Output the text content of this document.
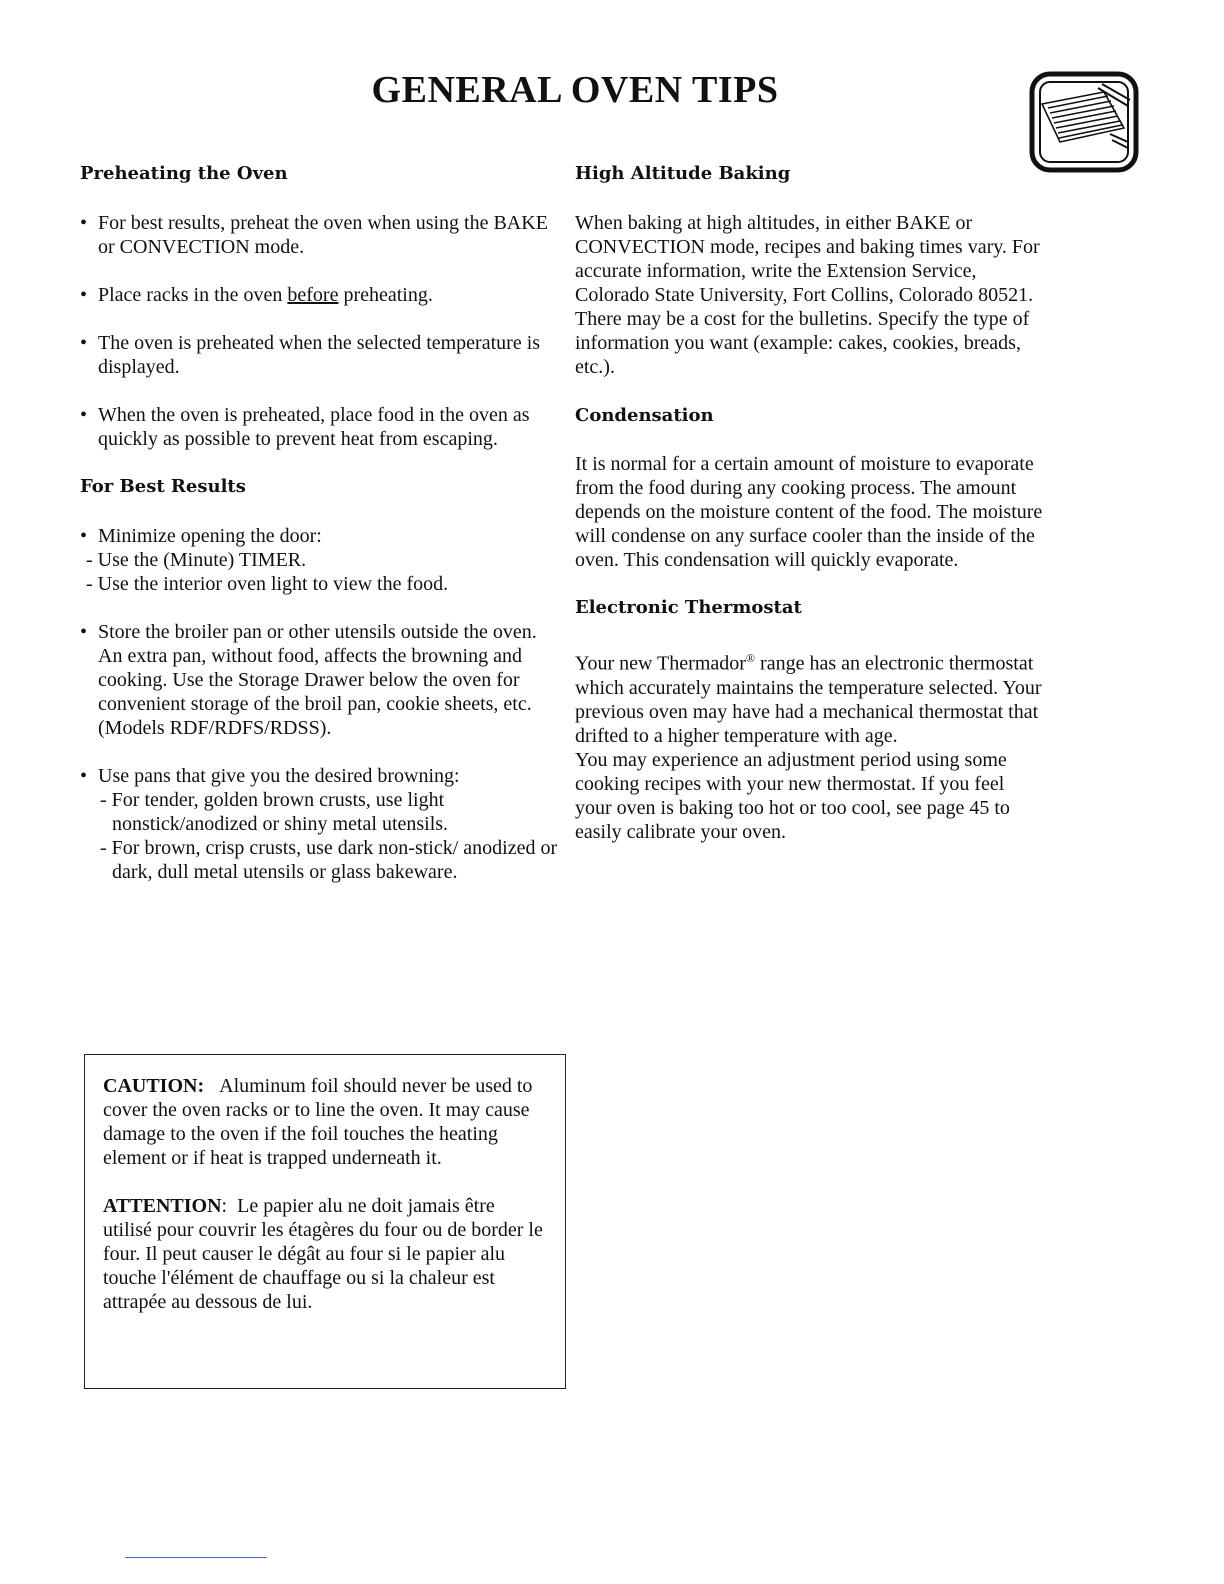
GENERAL OVEN TIPS
Preheating the Oven
• For best results, preheat the oven when using the BAKE or CONVECTION mode.
• Place racks in the oven before preheating.
• The oven is preheated when the selected temperature is displayed.
• When the oven is preheated, place food in the oven as quickly as possible to prevent heat from escaping.
For Best Results
• Minimize opening the door:
- Use the (Minute) TIMER.
- Use the interior oven light to view the food.
• Store the broiler pan or other utensils outside the oven. An extra pan, without food, affects the browning and cooking. Use the Storage Drawer below the oven for convenient storage of the broil pan, cookie sheets, etc. (Models RDF/RDFS/RDSS).
• Use pans that give you the desired browning:
- For tender, golden brown crusts, use light nonstick/anodized or shiny metal utensils.
- For brown, crisp crusts, use dark non-stick/ anodized or dark, dull metal utensils or glass bakeware.
High Altitude Baking

When baking at high altitudes, in either BAKE or CONVECTION mode, recipes and baking times vary. For accurate information, write the Extension Service, Colorado State University, Fort Collins, Colorado 80521. There may be a cost for the bulletins. Specify the type of information you want (example: cakes, cookies, breads, etc.).

Condensation

It is normal for a certain amount of moisture to evaporate from the food during any cooking process. The amount depends on the moisture content of the food. The moisture will condense on any surface cooler than the inside of the oven. This condensation will quickly evaporate.

Electronic Thermostat

Your new Thermador® range has an electronic thermostat which accurately maintains the temperature selected. Your previous oven may have had a mechanical thermostat that drifted to a higher temperature with age.

You may experience an adjustment period using some cooking recipes with your new thermostat. If you feel your oven is baking too hot or too cool, see page 45 to easily calibrate your oven.

CAUTION: Aluminum foil should never be used to cover the oven racks or to line the oven. It may cause damage to the oven if the foil touches the heating element or if heat is trapped underneath it.

ATTENTION: Le papier alu ne doit jamais être utilisé pour couvrir les étagères du four ou de border le four. Il peut causer le dégât au four si le papier alu touche l'élément de chauffage ou si la chaleur est attrapée au dessous de lui.
